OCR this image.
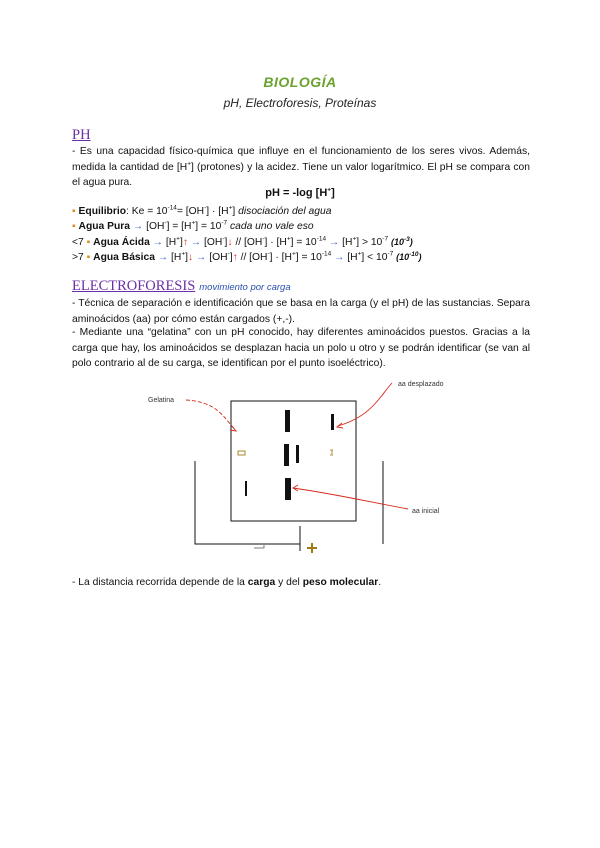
BIOLOGÍA
pH, Electroforesis, Proteínas
PH
- Es una capacidad físico-química que influye en el funcionamiento de los seres vivos. Además, medida la cantidad de [H+] (protones) y la acidez. Tiene un valor logarítmico. El pH se compara con el agua pura.
pH = -log [H+]
▪ Equilibrio: $Ke = 10^{-14}= [OH^-] \cdot [H^+]$ disociación del agua
▪ Agua Pura → $[OH^-] = [H^+] = 10^{-7}$ cada uno vale eso
<7 ▪ Agua Ácida → [H+]↑ → [OH-]↓ // $[OH^-] \cdot [H^+] = 10^{-14} \to [H^+] > 10^{-7}$ $(10^{-3})$
>7 ▪ Agua Básica → [H+]↓ → [OH-]↑ // $[OH^-] \cdot [H^+] = 10^{-14} \to [H^+] < 10^{-7}$ $(10^{-10})$
ELECTROFORESIS movimiento por carga
- Técnica de separación e identificación que se basa en la carga (y el pH) de las sustancias. Separa aminoácidos (aa) por cómo están cargados (+,-).
- Mediante una “gelatina” con un pH conocido, hay diferentes aminoácidos puestos. Gracias a la carga que hay, los aminoácidos se desplazan hacia un polo u otro y se podrán identificar (se van al polo contrario al de su carga, se identifican por el punto isoeléctrico).
Gelatina
aa desplazado
aa inicial
- La distancia recorrida depende de la carga y del peso molecular.
